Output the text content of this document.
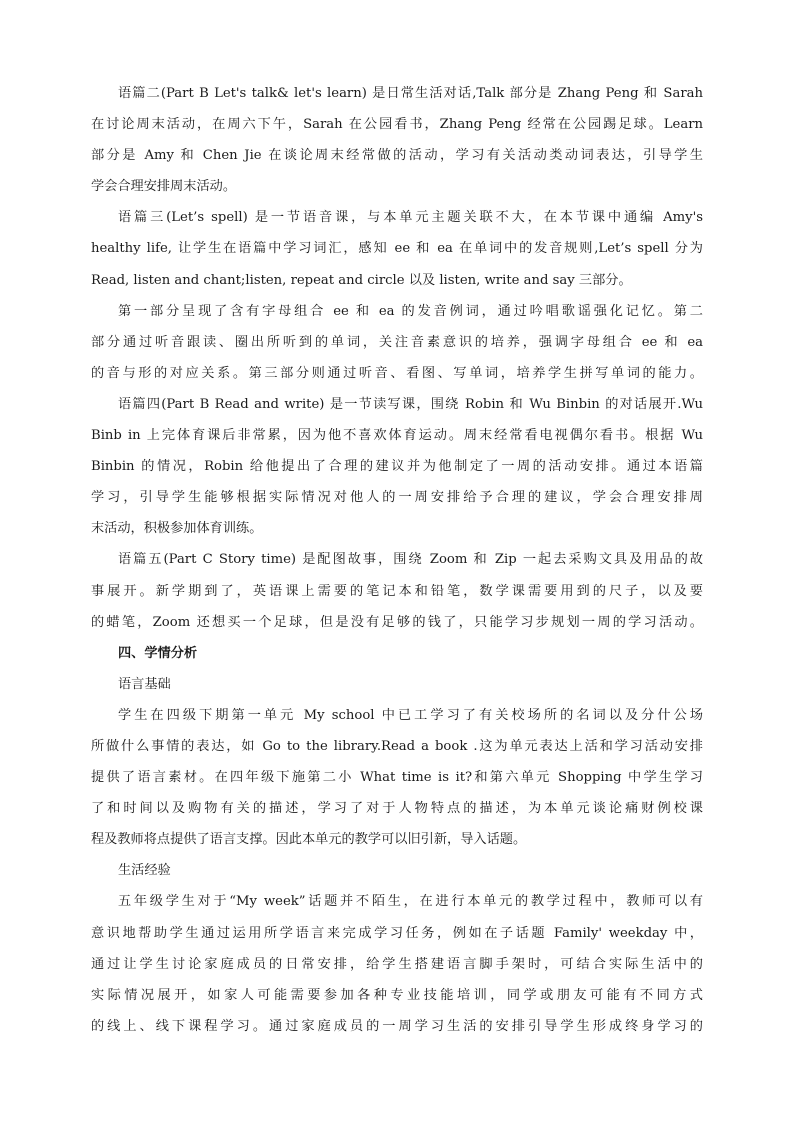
语篇二(Part B Let's talk& let's learn) 是日常生活对话,Talk 部分是 Zhang Peng 和 Sarah
在讨论周末活动，在周六下午，Sarah 在公园看书，Zhang Peng 经常在公园踢足球。Learn
部分是 Amy 和 Chen Jie 在谈论周末经常做的活动，学习有关活动类动词表达，引导学生
学会合理安排周末活动。
语篇三(Let’s spell) 是一节语音课，与本单元主题关联不大，在本节课中通编 Amy's
healthy life, 让学生在语篇中学习词汇，感知 ee 和 ea 在单词中的发音规则,Let’s spell 分为
Read, listen and chant;listen, repeat and circle 以及 listen, write and say 三部分。
第一部分呈现了含有字母组合 ee 和 ea 的发音例词，通过吟唱歌谣强化记忆。第二
部分通过听音跟读、圈出所听到的单词，关注音素意识的培养，强调字母组合 ee 和 ea
的音与形的对应关系。第三部分则通过听音、看图、写单词，培养学生拼写单词的能力。
语篇四(Part B Read and write) 是一节读写课，围绕 Robin 和 Wu Binbin 的对话展开.Wu
Binb in 上完体育课后非常累，因为他不喜欢体育运动。周末经常看电视偶尔看书。根据 Wu
Binbin 的情况，Robin 给他提出了合理的建议并为他制定了一周的活动安排。通过本语篇
学习，引导学生能够根据实际情况对他人的一周安排给予合理的建议，学会合理安排周
末活动，积极参加体育训练。
语篇五(Part C Story time) 是配图故事，围绕 Zoom 和 Zip 一起去采购文具及用品的故
事展开。新学期到了，英语课上需要的笔记本和铅笔，数学课需要用到的尺子，以及要
的蜡笔，Zoom 还想买一个足球，但是没有足够的钱了，只能学习步规划一周的学习活动。
四、学情分析
语言基础
学生在四级下期第一单元 My school 中已工学习了有关校场所的名词以及分什公场
所做什么事情的表达，如 Go to the library.Read a book .这为单元表达上活和学习活动安排
提供了语言素材。在四年级下施第二小 What time is it?和第六单元 Shopping 中学生学习
了和时间以及购物有关的描述，学习了对于人物特点的描述，为本单元谈论痛财例校课
程及教师将点提供了语言支撑。因此本单元的教学可以旧引新，导入话题。
生活经验
五年级学生对于“My week”话题并不陌生，在进行本单元的教学过程中，教师可以有
意识地帮助学生通过运用所学语言来完成学习任务，例如在子话题 Family' weekday 中，
通过让学生讨论家庭成员的日常安排，给学生搭建语言脚手架时，可结合实际生活中的
实际情况展开，如家人可能需要参加各种专业技能培训，同学或朋友可能有不同方式
的线上、线下课程学习。通过家庭成员的一周学习生活的安排引导学生形成终身学习的
